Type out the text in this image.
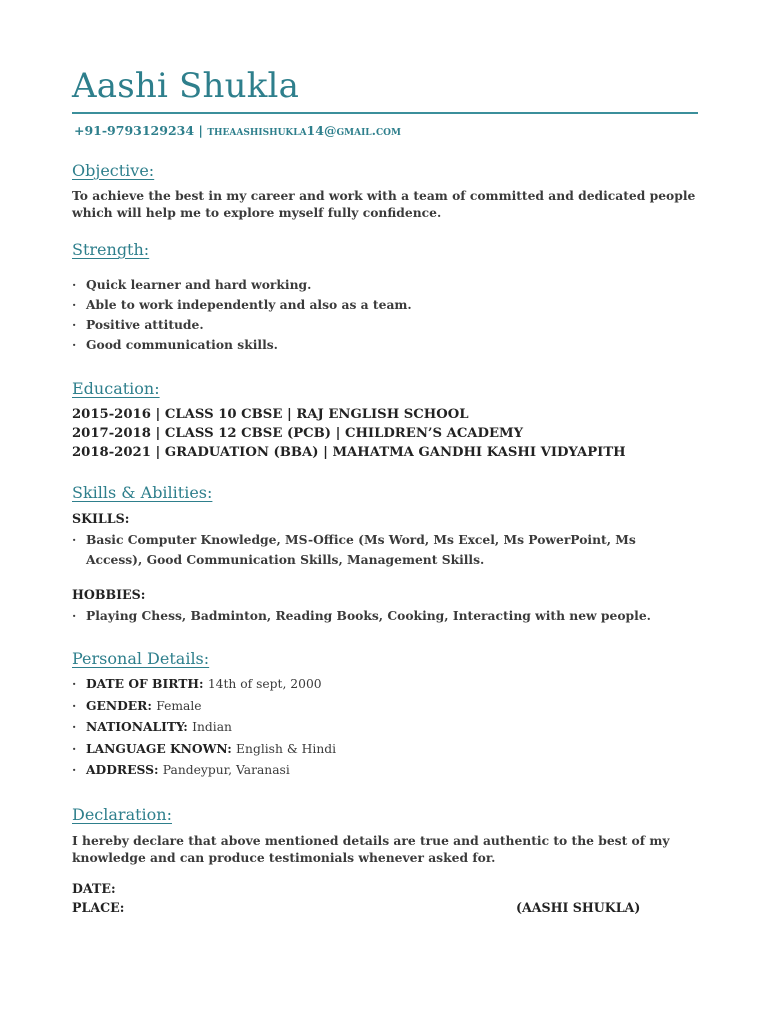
Aashi Shukla
+91-9793129234 | theaashishukla14@gmail.com
Objective:
To achieve the best in my career and work with a team of committed and dedicated people which will help me to explore myself fully confidence.
Strength:
· Quick learner and hard working.
· Able to work independently and also as a team.
· Positive attitude.
· Good communication skills.
Education:
2015-2016 | CLASS 10 CBSE | RAJ ENGLISH SCHOOL
2017-2018 | CLASS 12 CBSE (PCB) | CHILDREN’S ACADEMY
2018-2021 | GRADUATION (BBA) | MAHATMA GANDHI KASHI VIDYAPITH
Skills & Abilities:
SKILLS:
· Basic Computer Knowledge, MS-Office (Ms Word, Ms Excel, Ms PowerPoint, Ms Access), Good Communication Skills, Management Skills.
HOBBIES:
· Playing Chess, Badminton, Reading Books, Cooking, Interacting with new people.
Personal Details:
· DATE OF BIRTH: 14th of sept, 2000
· GENDER: Female
· NATIONALITY: Indian
· LANGUAGE KNOWN: English & Hindi
· ADDRESS: Pandeypur, Varanasi
Declaration:
I hereby declare that above mentioned details are true and authentic to the best of my knowledge and can produce testimonials whenever asked for.
DATE:
PLACE:	(AASHI SHUKLA)
